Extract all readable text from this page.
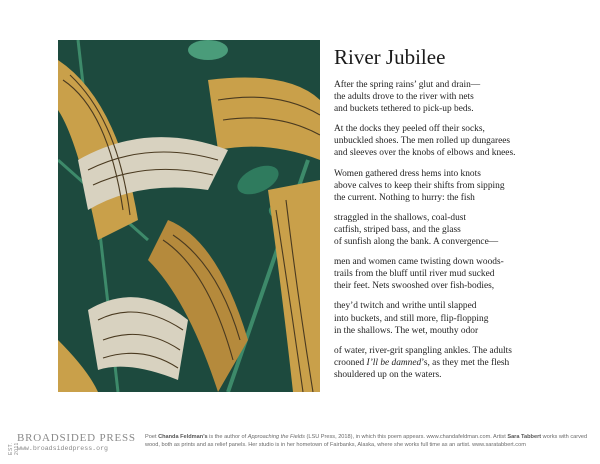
River Jubilee
After the spring rains’ glut and drain—
the adults drove to the river with nets
and buckets tethered to pick-up beds.
At the docks they peeled off their socks,
unbuckled shoes. The men rolled up dungarees
and sleeves over the knobs of elbows and knees.
Women gathered dress hems into knots
above calves to keep their shifts from sipping
the current. Nothing to hurry: the fish
straggled in the shallows, coal-dust
catfish, striped bass, and the glass
of sunfish along the bank. A convergence—
men and women came twisting down woods-
trails from the bluff until river mud sucked
their feet. Nets swooshed over fish-bodies,
they’d twitch and writhe until slapped
into buckets, and still more, flip-flopping
in the shallows. The wet, mouthy odor
of water, river-grit spangling ankles. The adults
crooned I’ll be damned’s, as they met the flesh
shouldered up on the waters.
EST. 2011
BROADSIDED PRESS
www.broadsidedpress.org
Poet Chanda Feldman’s is the author of Approaching the Fields (LSU Press, 2018), in which this poem appears. www.chandafeldman.com. Artist Sara Tabbert works with carved wood, both as prints and as relief panels. Her studio is in her hometown of Fairbanks, Alaska, where she works full time as an artist. www.saratabbert.com
